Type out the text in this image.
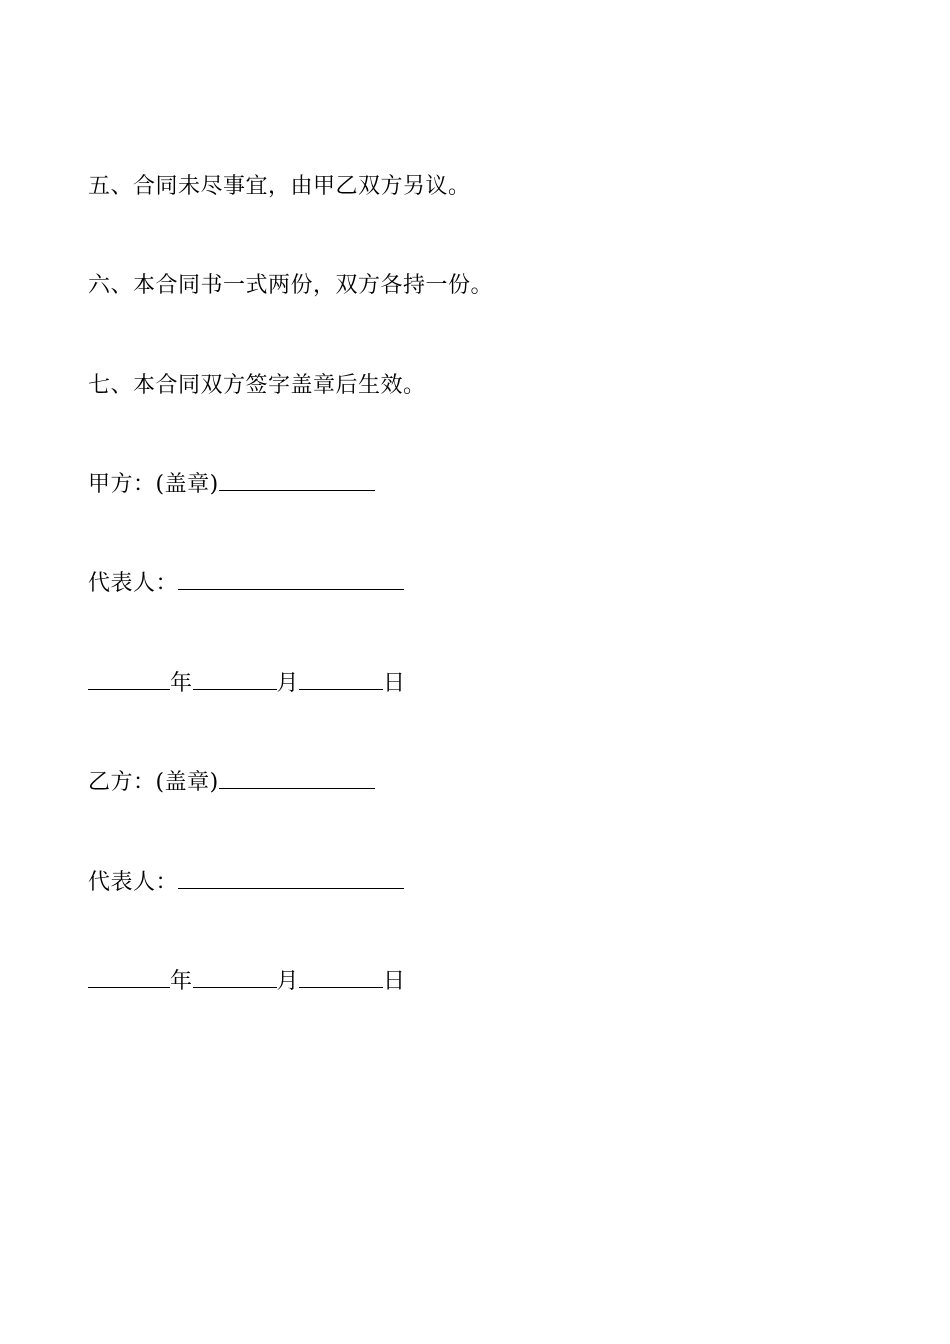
五、合同未尽事宜，由甲乙双方另议。
六、本合同书一式两份，双方各持一份。
七、本合同双方签字盖章后生效。
甲方：(盖章)
代表人：
年	月	日
乙方：(盖章)
代表人：
年	月	日
